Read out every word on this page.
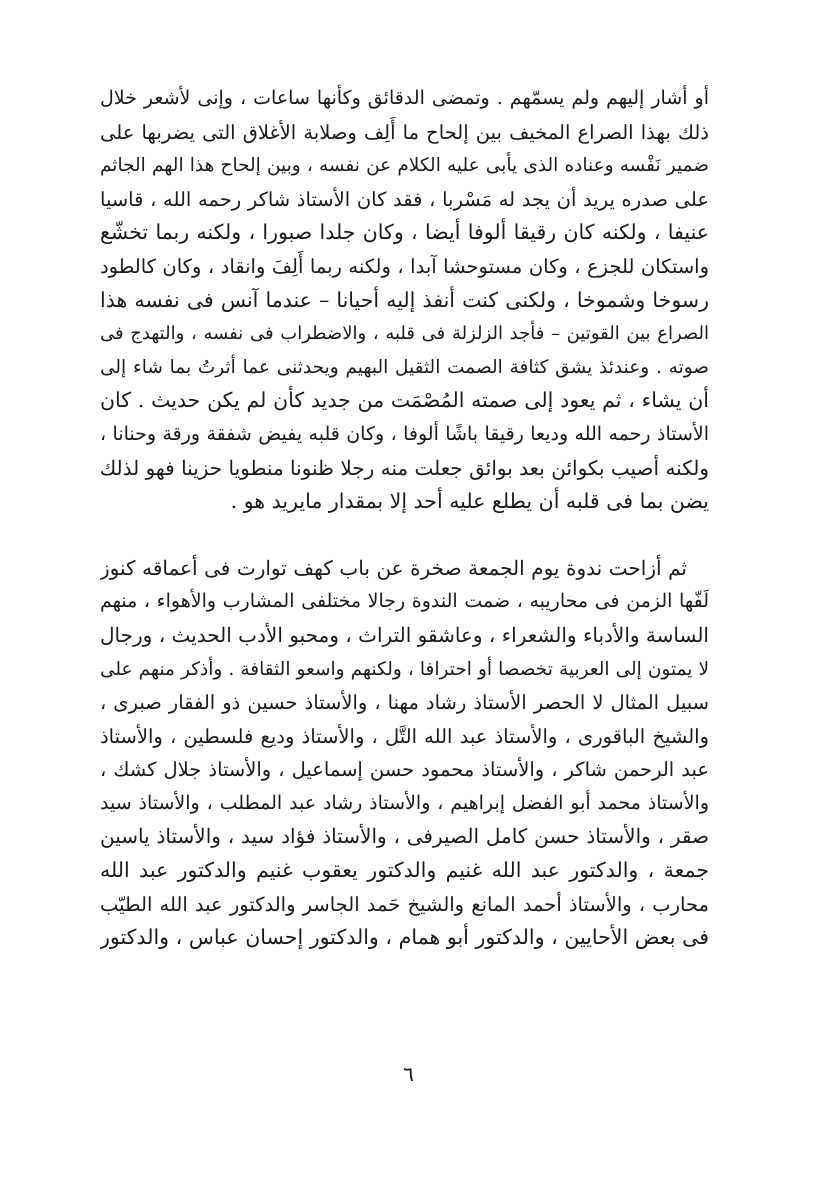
أو أشار إليهم ولم يسمّهم . وتمضى الدقائق وكأنها ساعات ، وإنى لأشعر خلال
ذلك بهذا الصراع المخيف بين إلحاح ما أَلِف وصلابة الأغلاق التى يضربها على
ضمير نَفْسه وعناده الذى يأبى عليه الكلام عن نفسه ، وبين إلحاح هذا الهم الجاثم
على صدره يريد أن يجد له مَسْربا ، فقد كان الأستاذ شاكر رحمه الله ، قاسيا
عنيفا ، ولكنه كان رقيقا ألوفا أيضا ، وكان جلدا صبورا ، ولكنه ربما تخشّع
واستكان للجزع ، وكان مستوحشا آبدا ، ولكنه ربما أَلِفَ وانقاد ، وكان كالطود
رسوخا وشموخا ، ولكنى كنت أنفذ إليه أحيانا – عندما آنس فى نفسه هذا
الصراع بين القوتين – فأجد الزلزلة فى قلبه ، والاضطراب فى نفسه ، والتهدج فى
صوته . وعندئذ يشق كثافة الصمت الثقيل البهيم ويحدثنى عما أثرتُ بما شاء إلى
أن يشاء ، ثم يعود إلى صمته المُصْمَت من جديد كأن لم يكن حديث . كان
الأستاذ رحمه الله وديعا رقيقا باشًا ألوفا ، وكان قلبه يفيض شفقة ورقة وحنانا ،
ولكنه أصيب بكوائن بعد بوائق جعلت منه رجلا ظنونا منطويا حزينا فهو لذلك
يضن بما فى قلبه أن يطلع عليه أحد إلا بمقدار مايريد هو .
ثم أزاحت ندوة يوم الجمعة صخرة عن باب كهف توارت فى أعماقه كنوز
لَفّها الزمن فى محاريبه ، ضمت الندوة رجالا مختلفى المشارب والأهواء ، منهم
الساسة والأدباء والشعراء ، وعاشقو التراث ، ومحبو الأدب الحديث ، ورجال
لا يمتون إلى العربية تخصصا أو احترافا ، ولكنهم واسعو الثقافة . وأذكر منهم على
سبيل المثال لا الحصر الأستاذ رشاد مهنا ، والأستاذ حسين ذو الفقار صبرى ،
والشيخ الباقورى ، والأستاذ عبد الله التَّل ، والأستاذ وديع فلسطين ، والأستاذ
عبد الرحمن شاكر ، والأستاذ محمود حسن إسماعيل ، والأستاذ جلال كشك ،
والأستاذ محمد أبو الفضل إبراهيم ، والأستاذ رشاد عبد المطلب ، والأستاذ سيد
صقر ، والأستاذ حسن كامل الصيرفى ، والأستاذ فؤاد سيد ، والأستاذ ياسين
جمعة ، والدكتور عبد الله غنيم والدكتور يعقوب غنيم والدكتور عبد الله
محارب ، والأستاذ أحمد المانع والشيخ حَمد الجاسر والدكتور عبد الله الطيّب
فى بعض الأحايين ، والدكتور أبو همام ، والدكتور إحسان عباس ، والدكتور
٦
